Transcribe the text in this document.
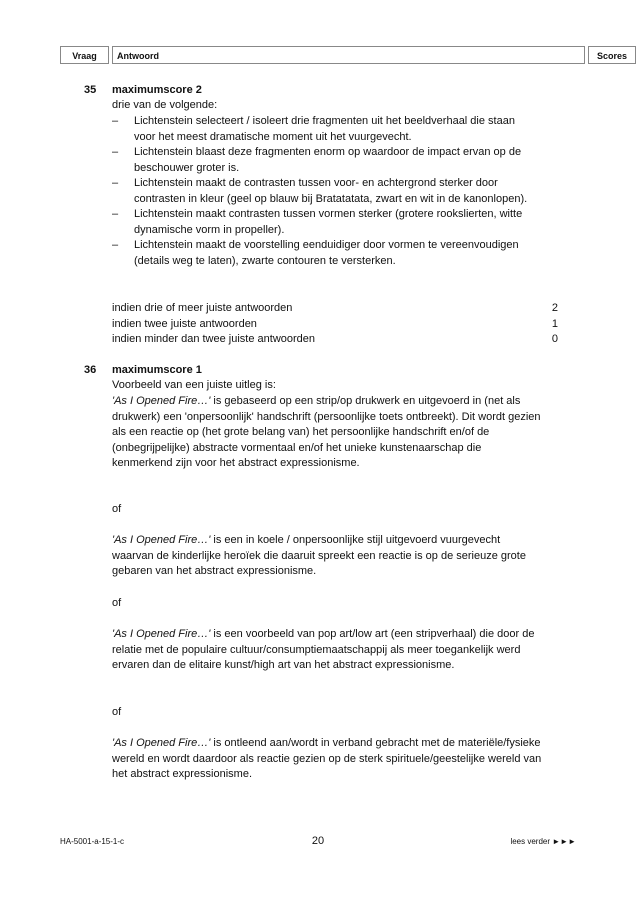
Vraag	Antwoord	Scores
35 maximumscore 2
drie van de volgende:
– Lichtenstein selecteert / isoleert drie fragmenten uit het beeldverhaal die staan voor het meest dramatische moment uit het vuurgevecht.
– Lichtenstein blaast deze fragmenten enorm op waardoor de impact ervan op de beschouwer groter is.
– Lichtenstein maakt de contrasten tussen voor- en achtergrond sterker door contrasten in kleur (geel op blauw bij Bratatatata, zwart en wit in de kanonlopen).
– Lichtenstein maakt contrasten tussen vormen sterker (grotere rookslierten, witte dynamische vorm in propeller).
– Lichtenstein maakt de voorstelling eenduidiger door vormen te vereenvoudigen (details weg te laten), zwarte contouren te versterken.
indien drie of meer juiste antwoorden	2
indien twee juiste antwoorden	1
indien minder dan twee juiste antwoorden	0
36 maximumscore 1
Voorbeeld van een juiste uitleg is:
'As I Opened Fire…' is gebaseerd op een strip/op drukwerk en uitgevoerd in (net als drukwerk) een 'onpersoonlijk' handschrift (persoonlijke toets ontbreekt). Dit wordt gezien als een reactie op (het grote belang van) het persoonlijke handschrift en/of de (onbegrijpelijke) abstracte vormentaal en/of het unieke kunstenaarschap die kenmerkend zijn voor het abstract expressionisme.
of
'As I Opened Fire…' is een in koele / onpersoonlijke stijl uitgevoerd vuurgevecht waarvan de kinderlijke heroïek die daaruit spreekt een reactie is op de serieuze grote gebaren van het abstract expressionisme.
of
'As I Opened Fire…' is een voorbeeld van pop art/low art (een stripverhaal) die door de relatie met de populaire cultuur/consumptiemaatschappij als meer toegankelijk werd ervaren dan de elitaire kunst/high art van het abstract expressionisme.
of
'As I Opened Fire…' is ontleend aan/wordt in verband gebracht met de materiële/fysieke wereld en wordt daardoor als reactie gezien op de sterk spirituele/geestelijke wereld van het abstract expressionisme.
HA-5001-a-15-1-c	20	lees verder ►►►
